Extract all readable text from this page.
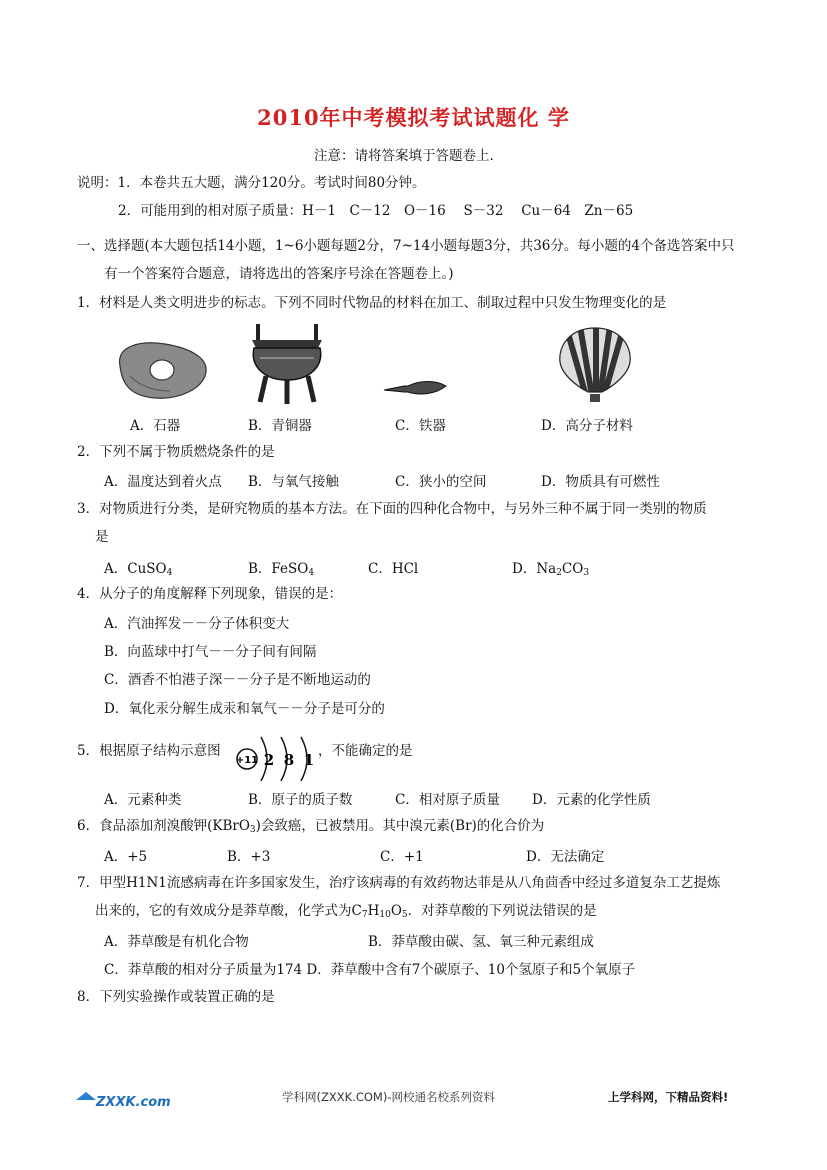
2010年中考模拟考试试题化 学
注意：请将答案填于答题卷上.
说明：1．本卷共五大题，满分120分。考试时间80分钟。
2．可能用到的相对原子质量：H－1　C－12　O－16　 S－32　 Cu－64　Zn－65
一、选择题(本大题包括14小题，1~6小题每题2分，7~14小题每题3分，共36分。每小题的4个备选答案中只
有一个答案符合题意，请将选出的答案序号涂在答题卷上。)
1．材料是人类文明进步的标志。下列不同时代物品的材料在加工、制取过程中只发生物理变化的是
A．石器	B．青铜器	C．铁器	D．高分子材料
2．下列不属于物质燃烧条件的是
A．温度达到着火点 B．与氧气接触	C．狭小的空间	D．物质具有可燃性
3．对物质进行分类，是研究物质的基本方法。在下面的四种化合物中，与另外三种不属于同一类别的物质
是
A．CuSO$_4$	B．FeSO$_4$	C．HCl	D．$Na_2CO_3$
4．从分子的角度解释下列现象，错误的是：
A．汽油挥发－－分子体积变大
B．向蓝球中打气－－分子间有间隔
C．酒香不怕港子深－－分子是不断地运动的
D．氧化汞分解生成汞和氧气－－分子是可分的
5．根据原子结构示意图
+11 2 8 1 ，不能确定的是
A．元素种类	B．原子的质子数	C．相对原子质量 D．元素的化学性质
6．食品添加剂溴酸钾(KBrO$_3$)会致癌，已被禁用。其中溴元素(Br)的化合价为
A．+5	B．+3	C．+1	D．无法确定
7．甲型H1N1流感病毒在许多国家发生，治疗该病毒的有效药物达菲是从八角茴香中经过多道复杂工艺提炼
出来的，它的有效成分是莽草酸，化学式为$C_7H_{10}O_5$．对莽草酸的下列说法错误的是
A．莽草酸是有机化合物	B．莽草酸由碳、氢、氧三种元素组成
C．莽草酸的相对分子质量为174 D．莽草酸中含有7个碳原子、10个氢原子和5个氧原子
8．下列实验操作或装置正确的是
ZXXK.com	学科网(ZXXK.COM)-网校通名校系列资料	上学科网，下精品资料!
